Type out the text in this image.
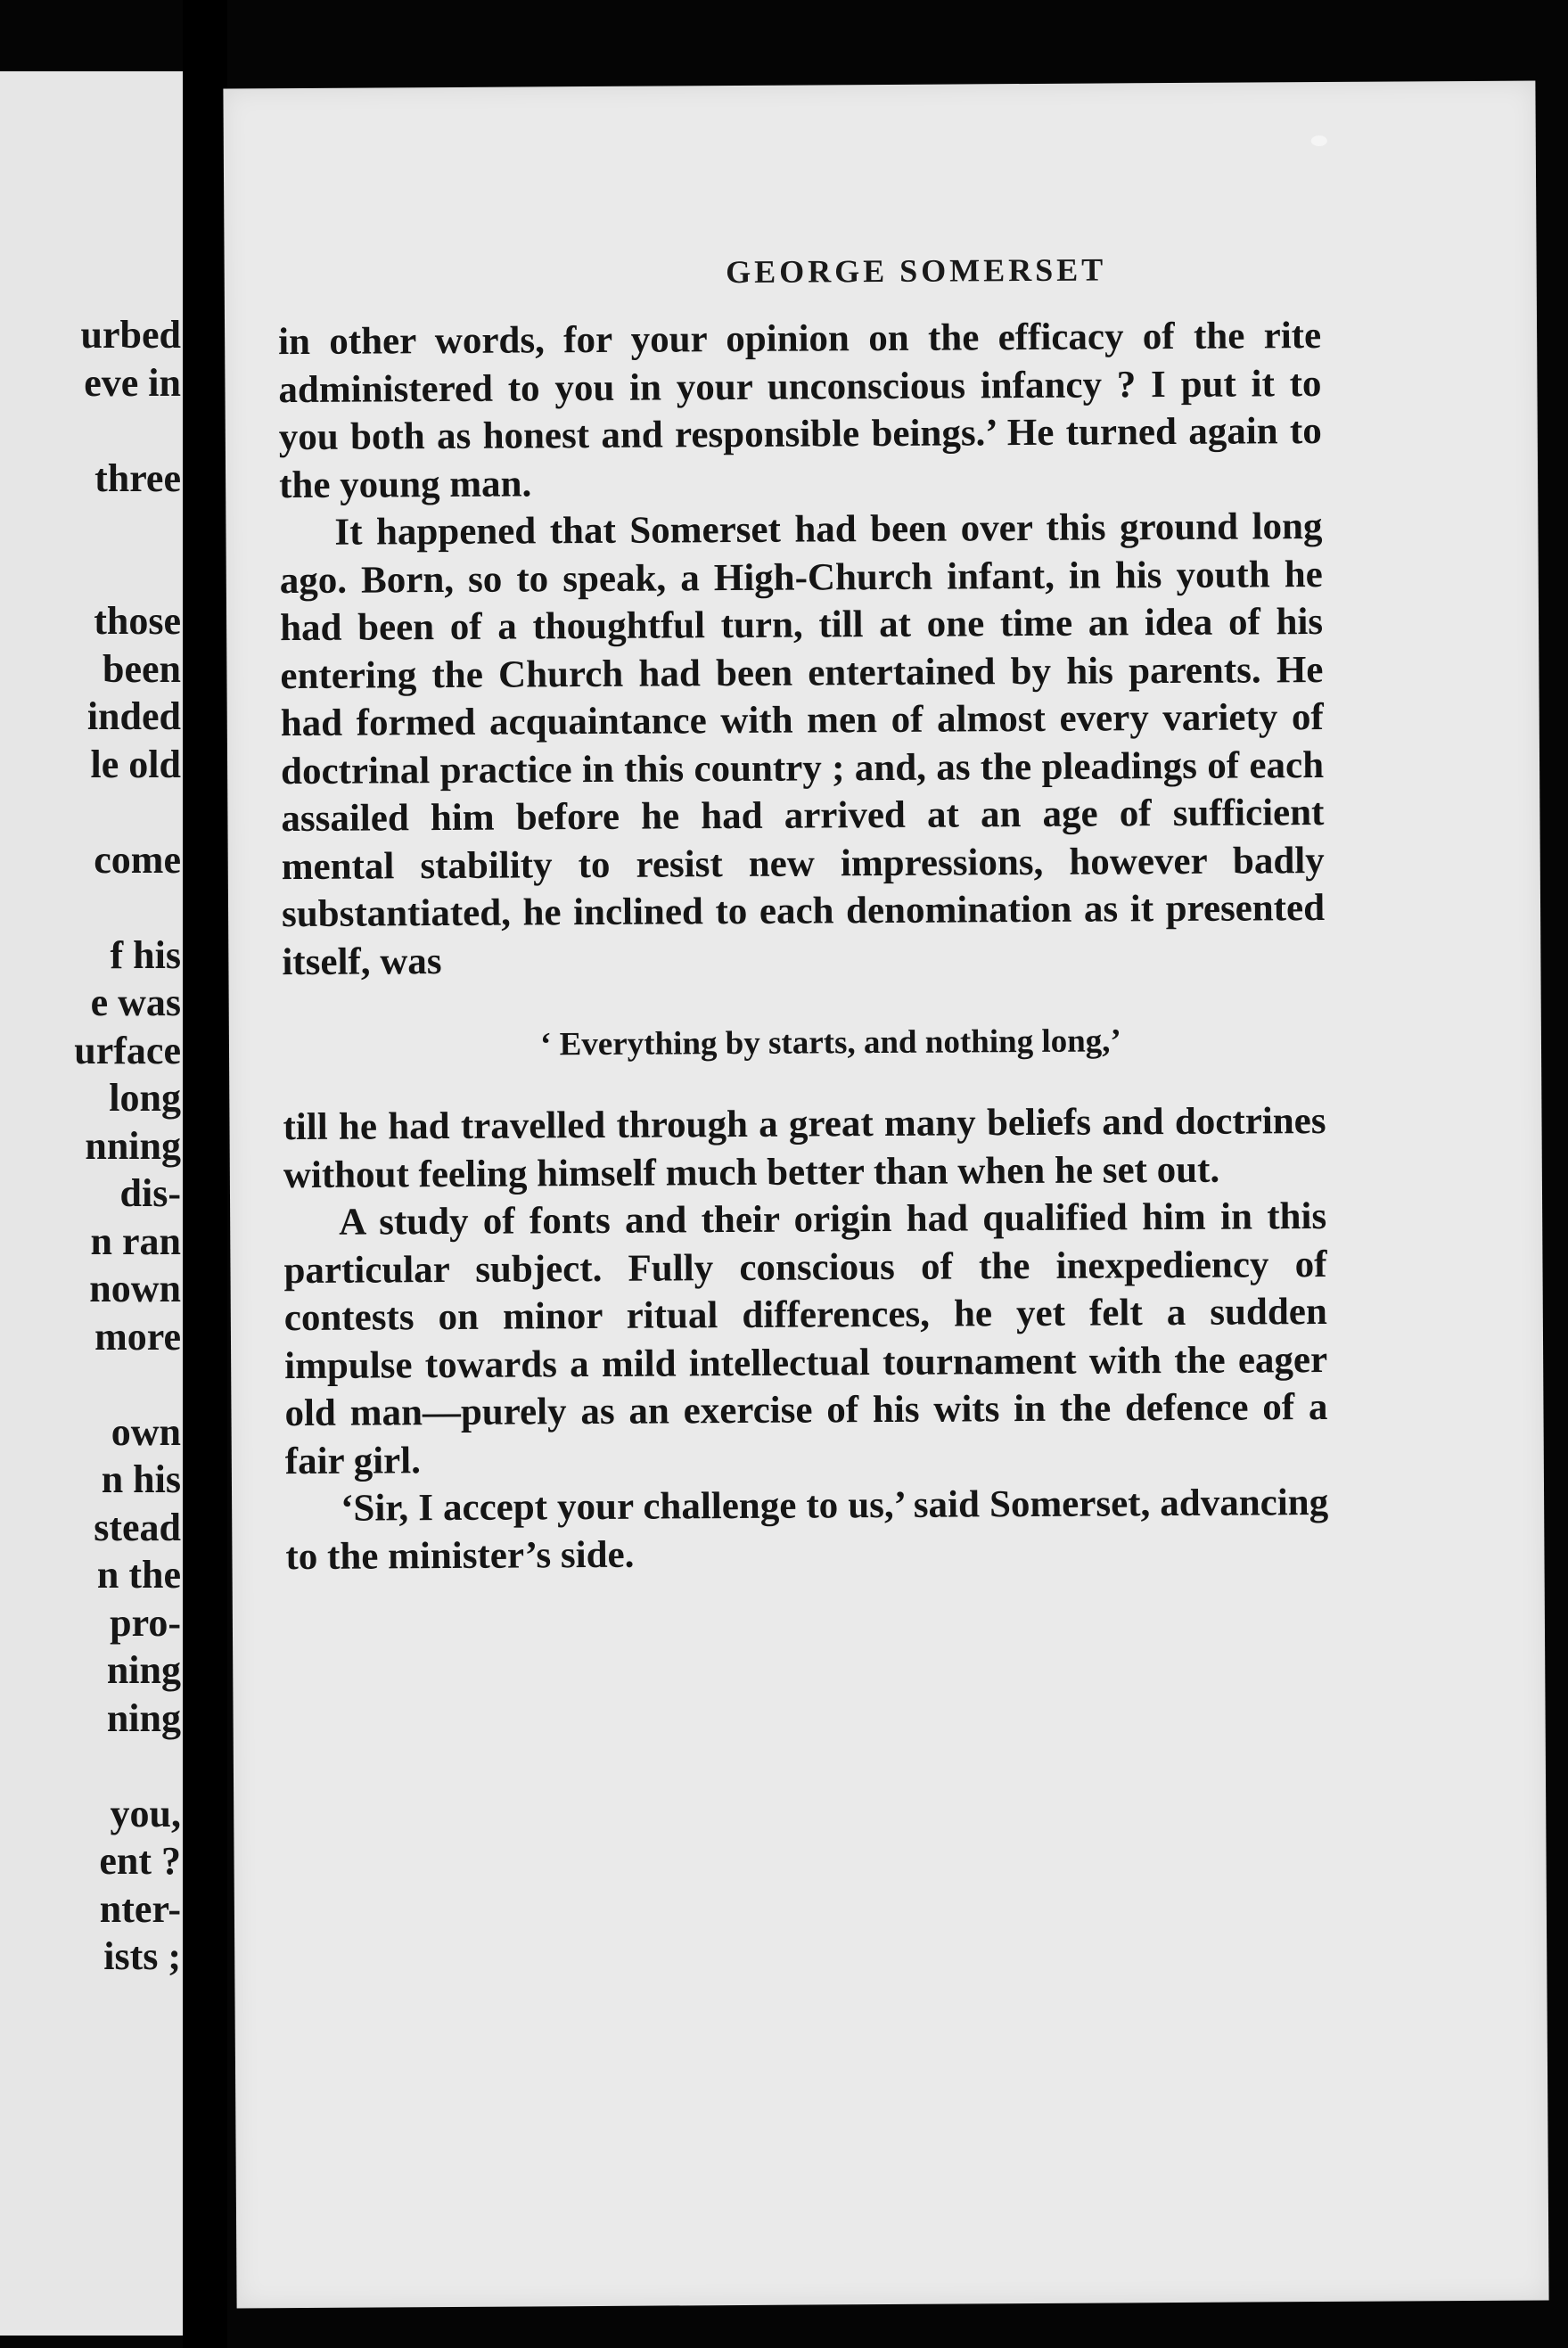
urbed
eve in
three
those
been
inded
le old
come
f his
e was
urface
long
nning
dis-
n ran
nown
more
own
n his
stead
n the
pro-
ning
ning
you,
ent ?
nter-
ists ;
GEORGE SOMERSET

in other words, for your opinion on the efficacy of the rite administered to you in your unconscious infancy ? I put it to you both as honest and responsible beings.’ He turned again to the young man.

It happened that Somerset had been over this ground long ago. Born, so to speak, a High-Church infant, in his youth he had been of a thoughtful turn, till at one time an idea of his entering the Church had been entertained by his parents. He had formed acquaintance with men of almost every variety of doctrinal practice in this country ; and, as the pleadings of each assailed him before he had arrived at an age of sufficient mental stability to resist new impressions, however badly substantiated, he inclined to each denomination as it presented itself, was

‘ Everything by starts, and nothing long,’

till he had travelled through a great many beliefs and doctrines without feeling himself much better than when he set out.

A study of fonts and their origin had qualified him in this particular subject. Fully conscious of the inexpediency of contests on minor ritual differences, he yet felt a sudden impulse towards a mild intellectual tournament with the eager old man—purely as an exercise of his wits in the defence of a fair girl.

‘Sir, I accept your challenge to us,’ said Somerset, advancing to the minister’s side.
